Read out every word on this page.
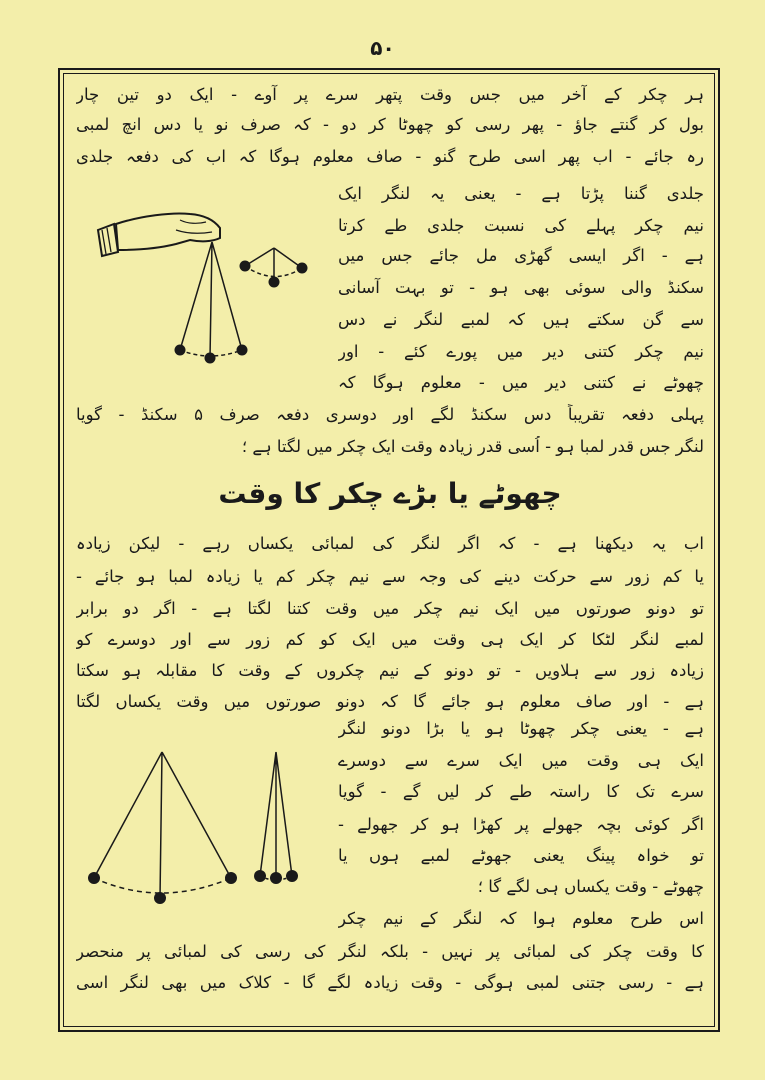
۵۰
ہر چکر کے آخر میں جس وقت پتھر سرے پر آوے - ایک دو تین چار
بول کر گنتے جاؤ - پھر رسی کو چھوٹا کر دو - کہ صرف نو یا دس انچ لمبی
رہ جائے - اب پھر اسی طرح گنو - صاف معلوم ہوگا کہ اب کی دفعہ جلدی
جلدی گننا پڑتا ہے - یعنی یہ لنگر ایک
نیم چکر پہلے کی نسبت جلدی طے کرتا
ہے - اگر ایسی گھڑی مل جائے جس میں
سکنڈ والی سوئی بھی ہو - تو بہت آسانی
سے گن سکتے ہیں کہ لمبے لنگر نے دس
نیم چکر کتنی دیر میں پورے کئے - اور
چھوٹے نے کتنی دیر میں - معلوم ہوگا کہ
پہلی دفعہ تقریباً دس سکنڈ لگے اور دوسری دفعہ صرف ۵ سکنڈ - گویا
لنگر جس قدر لمبا ہو - اُسی قدر زیادہ وقت ایک چکر میں لگتا ہے ؛
چھوٹے یا بڑے چکر کا وقت
اب یہ دیکھنا ہے - کہ اگر لنگر کی لمبائی یکساں رہے - لیکن زیادہ
یا کم زور سے حرکت دینے کی وجہ سے نیم چکر کم یا زیادہ لمبا ہو جائے -
تو دونو صورتوں میں ایک نیم چکر میں وقت کتنا لگتا ہے - اگر دو برابر
لمبے لنگر لٹکا کر ایک ہی وقت میں ایک کو کم زور سے اور دوسرے کو
زیادہ زور سے ہلاویں - تو دونو کے نیم چکروں کے وقت کا مقابلہ ہو سکتا
ہے - اور صاف معلوم ہو جائے گا کہ دونو صورتوں میں وقت یکساں لگتا
ہے - یعنی چکر چھوٹا ہو یا بڑا دونو لنگر
ایک ہی وقت میں ایک سرے سے دوسرے
سرے تک کا راستہ طے کر لیں گے - گویا
اگر کوئی بچہ جھولے پر کھڑا ہو کر جھولے -
تو خواہ پینگ یعنی جھوٹے لمبے ہوں یا
چھوٹے - وقت یکساں ہی لگے گا ؛
اس طرح معلوم ہوا کہ لنگر کے نیم چکر
کا وقت چکر کی لمبائی پر نہیں - بلکہ لنگر کی رسی کی لمبائی پر منحصر
ہے - رسی جتنی لمبی ہوگی - وقت زیادہ لگے گا - کلاک میں بھی لنگر اسی
